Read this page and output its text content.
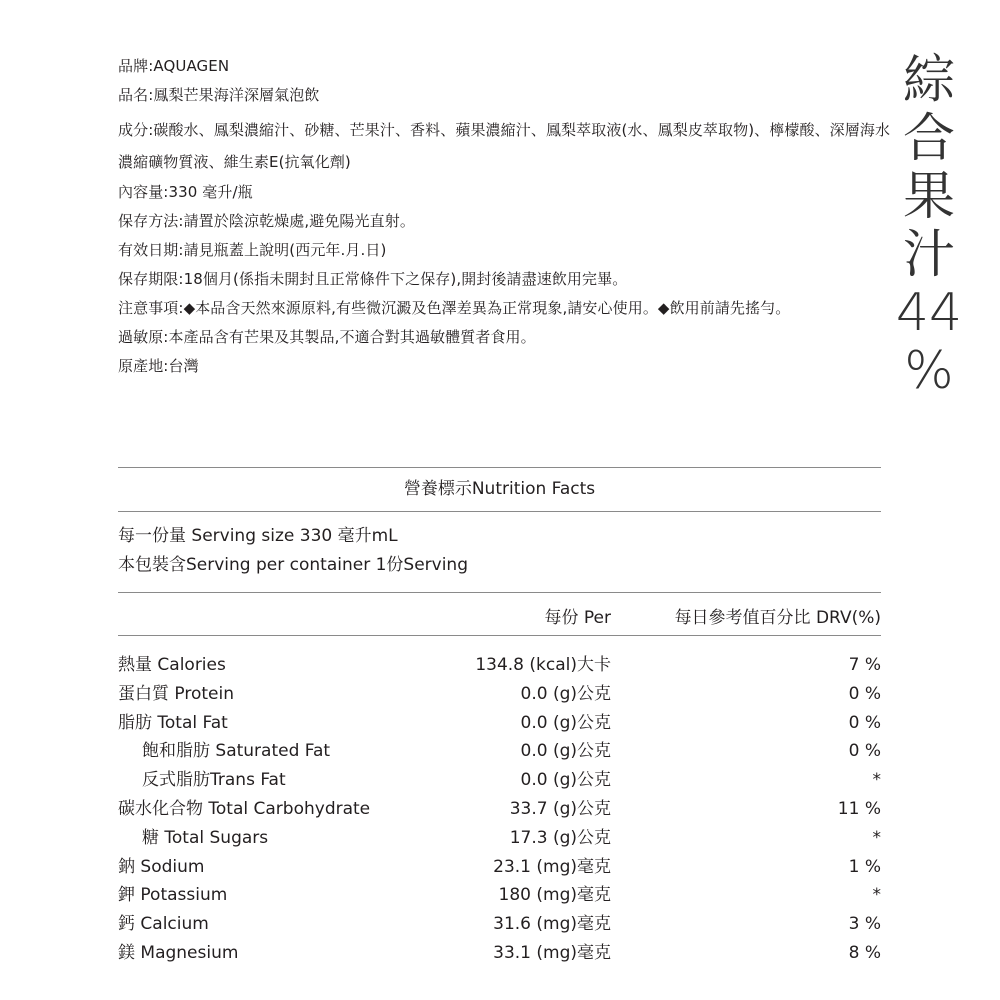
品牌:AQUAGEN
品名:鳳梨芒果海洋深層氣泡飲
成分:碳酸水、鳳梨濃縮汁、砂糖、芒果汁、香料、蘋果濃縮汁、鳳梨萃取液(水、鳳梨皮萃取物)、檸檬酸、深層海水濃縮礦物質液、維生素E(抗氧化劑)
內容量:330 毫升/瓶
保存方法:請置於陰涼乾燥處,避免陽光直射。
有效日期:請見瓶蓋上說明(西元年.月.日)
保存期限:18個月(係指未開封且正常條件下之保存),開封後請盡速飲用完畢。
注意事項:◆本品含天然來源原料,有些微沉澱及色澤差異為正常現象,請安心使用。◆飲用前請先搖勻。
過敏原:本產品含有芒果及其製品,不適合對其過敏體質者食用。
原產地:台灣
綜
合
果
汁
44
%
營養標示Nutrition Facts
每一份量 Serving size 330 毫升mL
本包裝含Serving per container 1份Serving
每份 Per	每日參考值百分比 DRV(%)
熱量 Calories	134.8 (kcal)大卡	7 %
蛋白質 Protein	0.0 (g)公克	0 %
脂肪 Total Fat	0.0 (g)公克	0 %
飽和脂肪 Saturated Fat	0.0 (g)公克	0 %
反式脂肪Trans Fat	0.0 (g)公克	*
碳水化合物 Total Carbohydrate	33.7 (g)公克	11 %
糖 Total Sugars	17.3 (g)公克	*
鈉 Sodium	23.1 (mg)毫克	1 %
鉀 Potassium	180 (mg)毫克	*
鈣 Calcium	31.6 (mg)毫克	3 %
鎂 Magnesium	33.1 (mg)毫克	8 %
